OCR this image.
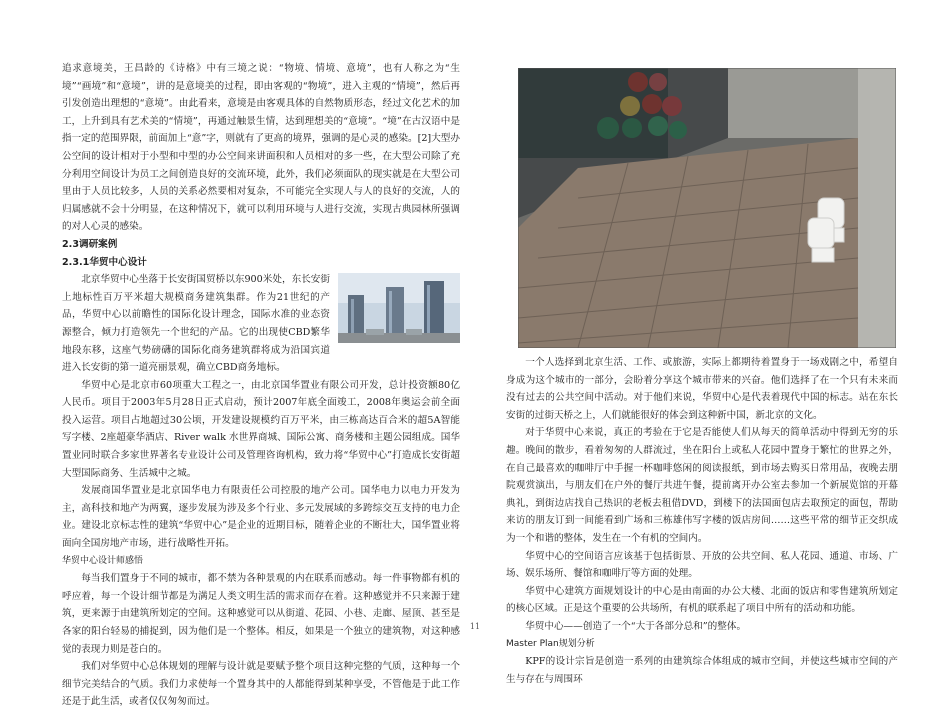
追求意境美，王昌龄的《诗格》中有三境之说：“物境、情境、意境”，也有人称之为“生境”“画境”和“意境”，讲的是意境美的过程，即由客观的“物境”，进入主观的“情境”，然后再引发创造出理想的“意境”。由此看来，意境是由客观具体的自然物质形态，经过文化艺术的加工，上升到具有艺术美的“情境”，再通过触景生情，达到理想美的“意境”。“境”在古汉语中是指一定的范围界限，前面加上“意”字，则就有了更高的境界，强调的是心灵的感染。[2]大型办公空间的设计相对于小型和中型的办公空间来讲面积和人员相对的多一些，在大型公司除了充分利用空间设计为员工之间创造良好的交流环境，此外，我们必须面队的现实就是在大型公司里由于人员比较多，人员的关系必然要相对复杂，不可能完全实现人与人的良好的交流，人的归属感就不会十分明显，在这种情况下，就可以利用环境与人进行交流，实现古典园林所强调的对人心灵的感染。

2.3调研案例

2.3.1华贸中心设计

北京华贸中心坐落于长安街国贸桥以东900米处，东长安街上地标性百万平米超大规模商务建筑集群。作为21世纪的产品，华贸中心以前瞻性的国际化设计理念，国际水准的业态资源整合，倾力打造领先一个世纪的产品。它的出现使CBD繁华地段东移，这座气势磅礴的国际化商务建筑群将成为沿国宾道进入长安街的第一道亮丽景观，确立CBD商务地标。

华贸中心是北京市60项重大工程之一，由北京国华置业有限公司开发，总计投资额80亿人民币。项目于2003年5月28日正式启动，预计2007年底全面竣工，2008年奥运会前全面投入运营。项目占地超过30公顷，开发建设规模约百万平米，由三栋高达百合米的超5A智能写字楼、2座超豪华酒店、River walk 水世界商城、国际公寓、商务楼和主题公园组成。国华置业同时联合多家世界著名专业设计公司及管理咨询机构，致力将“华贸中心”打造成长安街超大型国际商务、生活城中之城。

发展商国华置业是北京国华电力有限责任公司控股的地产公司。国华电力以电力开发为主，高科技和地产为两翼，逐步发展为涉及多个行业、多元发展域的多跨综交互支持的电力企业。建设北京标志性的建筑“华贸中心”是企业的近期目标，随着企业的不断壮大，国华置业将面向全国房地产市场，进行战略性开拓。

华贸中心设计师感悟

每当我们置身于不同的城市，都不禁为各种景观的内在联系而感动。每一件事物都有机的呼应着，每一个设计细节都是为满足人类文明生活的需求而存在着。这种感觉并不只来源于建筑，更来源于由建筑所划定的空间。这种感觉可以从街道、花园、小巷、走廊、屋顶、甚至是各家的阳台轻易的捕捉到，因为他们是一个整体。相反，如果是一个独立的建筑物，对这种感觉的表现力则是苍白的。

我们对华贸中心总体规划的理解与设计就是要赋予整个项目这种完整的气质，这种每一个细节完美结合的气质。我们力求使每一个置身其中的人都能得到某种享受，不管他是于此工作还是于此生活，或者仅仅匆匆而过。

一个人选择到北京生活、工作、或旅游，实际上都期待着置身于一场戏剧之中，希望自身成为这个城市的一部分，会盼着分享这个城市带来的兴奋。他们选择了在一个只有未来而没有过去的公共空间中活动。对于他们来说，华贸中心是代表着现代中国的标志。站在东长安街的过街天桥之上，人们就能很好的体会到这种新中国，新北京的文化。

对于华贸中心来说，真正的考验在于它是否能使人们从每天的简单活动中得到无穷的乐趣。晚间的散步，看着匆匆的人群流过，坐在阳台上或私人花园中置身于繁忙的世界之外，在自己最喜欢的咖啡厅中手握一杯咖啡悠闲的阅读报纸，到市场去购买日常用品，夜晚去朋院观赏演出，与朋友们在户外的餐厅共进午餐，提前离开办公室去参加一个新展览馆的开幕典礼，到街边店找自己热识的老板去租借DVD，到楼下的法国面包店去取预定的面包，帮助来访的朋友订到一间能看到广场和三栋雄伟写字楼的饭店房间……这些平常的细节正交织成为一个和谐的整体，发生在一个有机的空间内。

华贸中心的空间语言应该基于包括街景、开放的公共空间、私人花园、通道、市场、广场、娱乐场所、餐馆和咖啡厅等方面的处理。

华贸中心建筑方面规划设计的中心是由南面的办公大楼、北面的饭店和零售建筑所划定的核心区域。正是这个重要的公共场所，有机的联系起了项目中所有的活动和功能。

华贸中心——创造了一个“大于各部分总和”的整体。

Master Plan规划分析

KPF的设计宗旨是创造一系列的由建筑综合体组成的城市空间，并使这些城市空间的产生与存在与周围环

11
